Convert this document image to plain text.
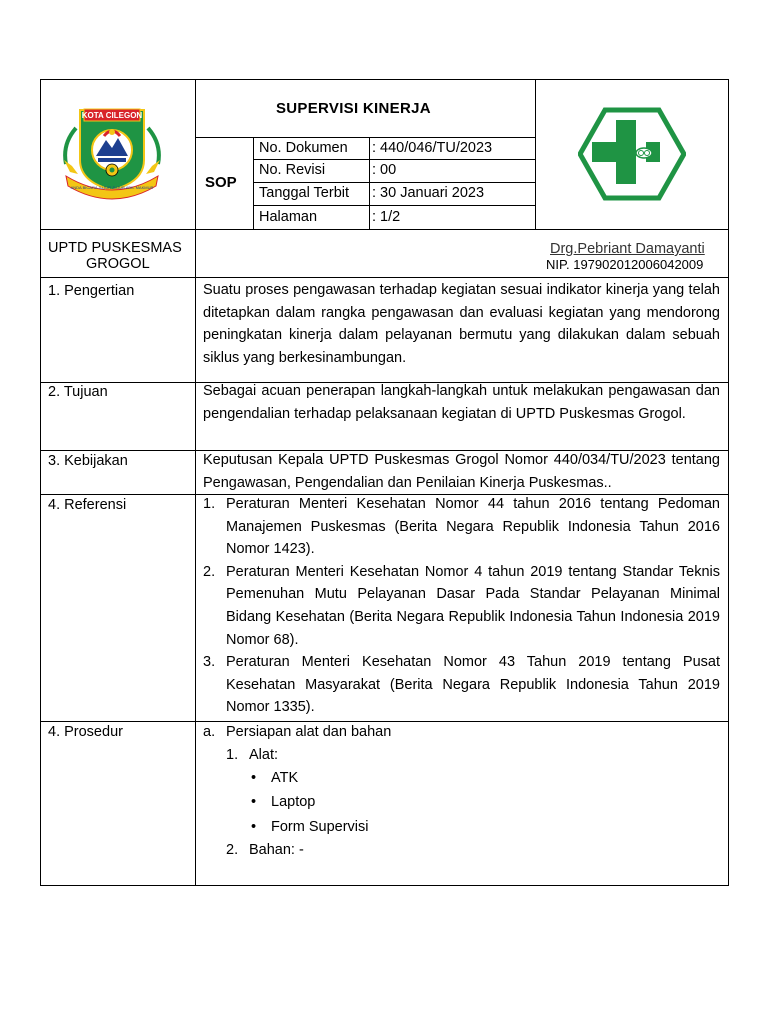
KOTA CILEGON
ANDA BICARA JUJUR JUJUR ADIL MAKMUR
SUPERVISI KINERJA
SOP
No. Dokumen : 440/046/TU/2023
No. Revisi	: 00
Tanggal Terbit : 30 Januari 2023
Halaman	: 1/2
UPTD PUSKESMAS
GROGOL
Drg.Pebriant Damayanti
NIP. 197902012006042009
1. Pengertian	Suatu proses pengawasan terhadap kegiatan sesuai indikator kinerja yang telah ditetapkan dalam rangka pengawasan dan evaluasi kegiatan yang mendorong peningkatan kinerja dalam pelayanan bermutu yang dilakukan dalam sebuah siklus yang berkesinambungan.
2. Tujuan	Sebagai acuan penerapan langkah-langkah untuk melakukan pengawasan dan pengendalian terhadap pelaksanaan kegiatan di UPTD Puskesmas Grogol.
3. Kebijakan	Keputusan Kepala UPTD Puskesmas Grogol Nomor 440/034/TU/2023 tentang Pengawasan, Pengendalian dan Penilaian Kinerja Puskesmas..
4. Referensi	1. Peraturan Menteri Kesehatan Nomor 44 tahun 2016 tentang Pedoman Manajemen Puskesmas (Berita Negara Republik Indonesia Tahun 2016 Nomor 1423).
2. Peraturan Menteri Kesehatan Nomor 4 tahun 2019 tentang Standar Teknis Pemenuhan Mutu Pelayanan Dasar Pada Standar Pelayanan Minimal Bidang Kesehatan (Berita Negara Republik Indonesia Tahun Indonesia 2019 Nomor 68).
3. Peraturan Menteri Kesehatan Nomor 43 Tahun 2019 tentang Pusat Kesehatan Masyarakat (Berita Negara Republik Indonesia Tahun 2019 Nomor 1335).
4. Prosedur	a. Persiapan alat dan bahan
1. Alat:
• ATK
• Laptop
• Form Supervisi
2. Bahan: -
